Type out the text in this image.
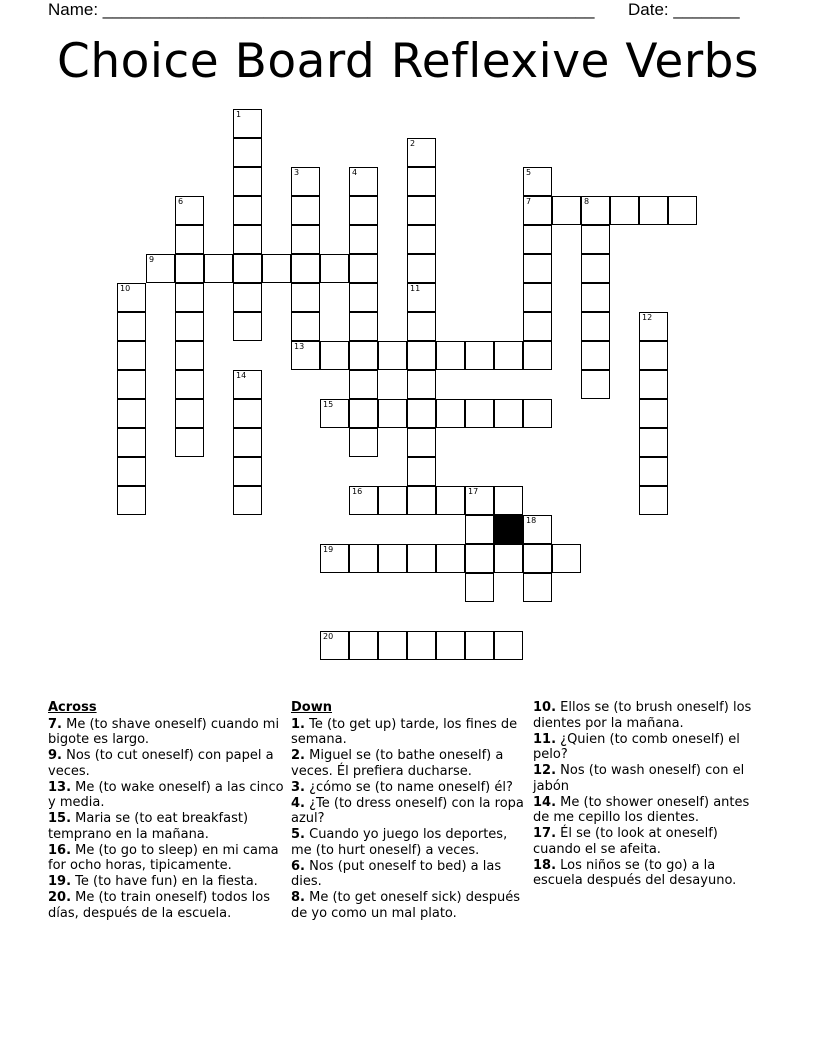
Name: ____________________________________________________ Date: _______
Choice Board Reflexive Verbs
1
2
3	4	5
7
6	8
9
10	11
12
13
14
15
16	17
18
19
20
Across
7. Me (to shave oneself) cuando mi bigote es largo.
9. Nos (to cut oneself) con papel a veces.
13. Me (to wake oneself) a las cinco y media.
15. Maria se (to eat breakfast) temprano en la mañana.
16. Me (to go to sleep) en mi cama for ocho horas, tipicamente.
19. Te (to have fun) en la fiesta.
20. Me (to train oneself) todos los días, después de la escuela.
Down
1. Te (to get up) tarde, los fines de semana.
2. Miguel se (to bathe oneself) a veces. Él prefiera ducharse.
3. ¿cómo se (to name oneself) él?
4. ¿Te (to dress oneself) con la ropa azul?
5. Cuando yo juego los deportes, me (to hurt oneself) a veces.
6. Nos (put oneself to bed) a las dies.
8. Me (to get oneself sick) después de yo como un mal plato.
10. Ellos se (to brush oneself) los dientes por la mañana.
11. ¿Quien (to comb oneself) el pelo?
12. Nos (to wash oneself) con el jabón
14. Me (to shower oneself) antes de me cepillo los dientes.
17. Él se (to look at oneself) cuando el se afeita.
18. Los niños se (to go) a la escuela después del desayuno.
